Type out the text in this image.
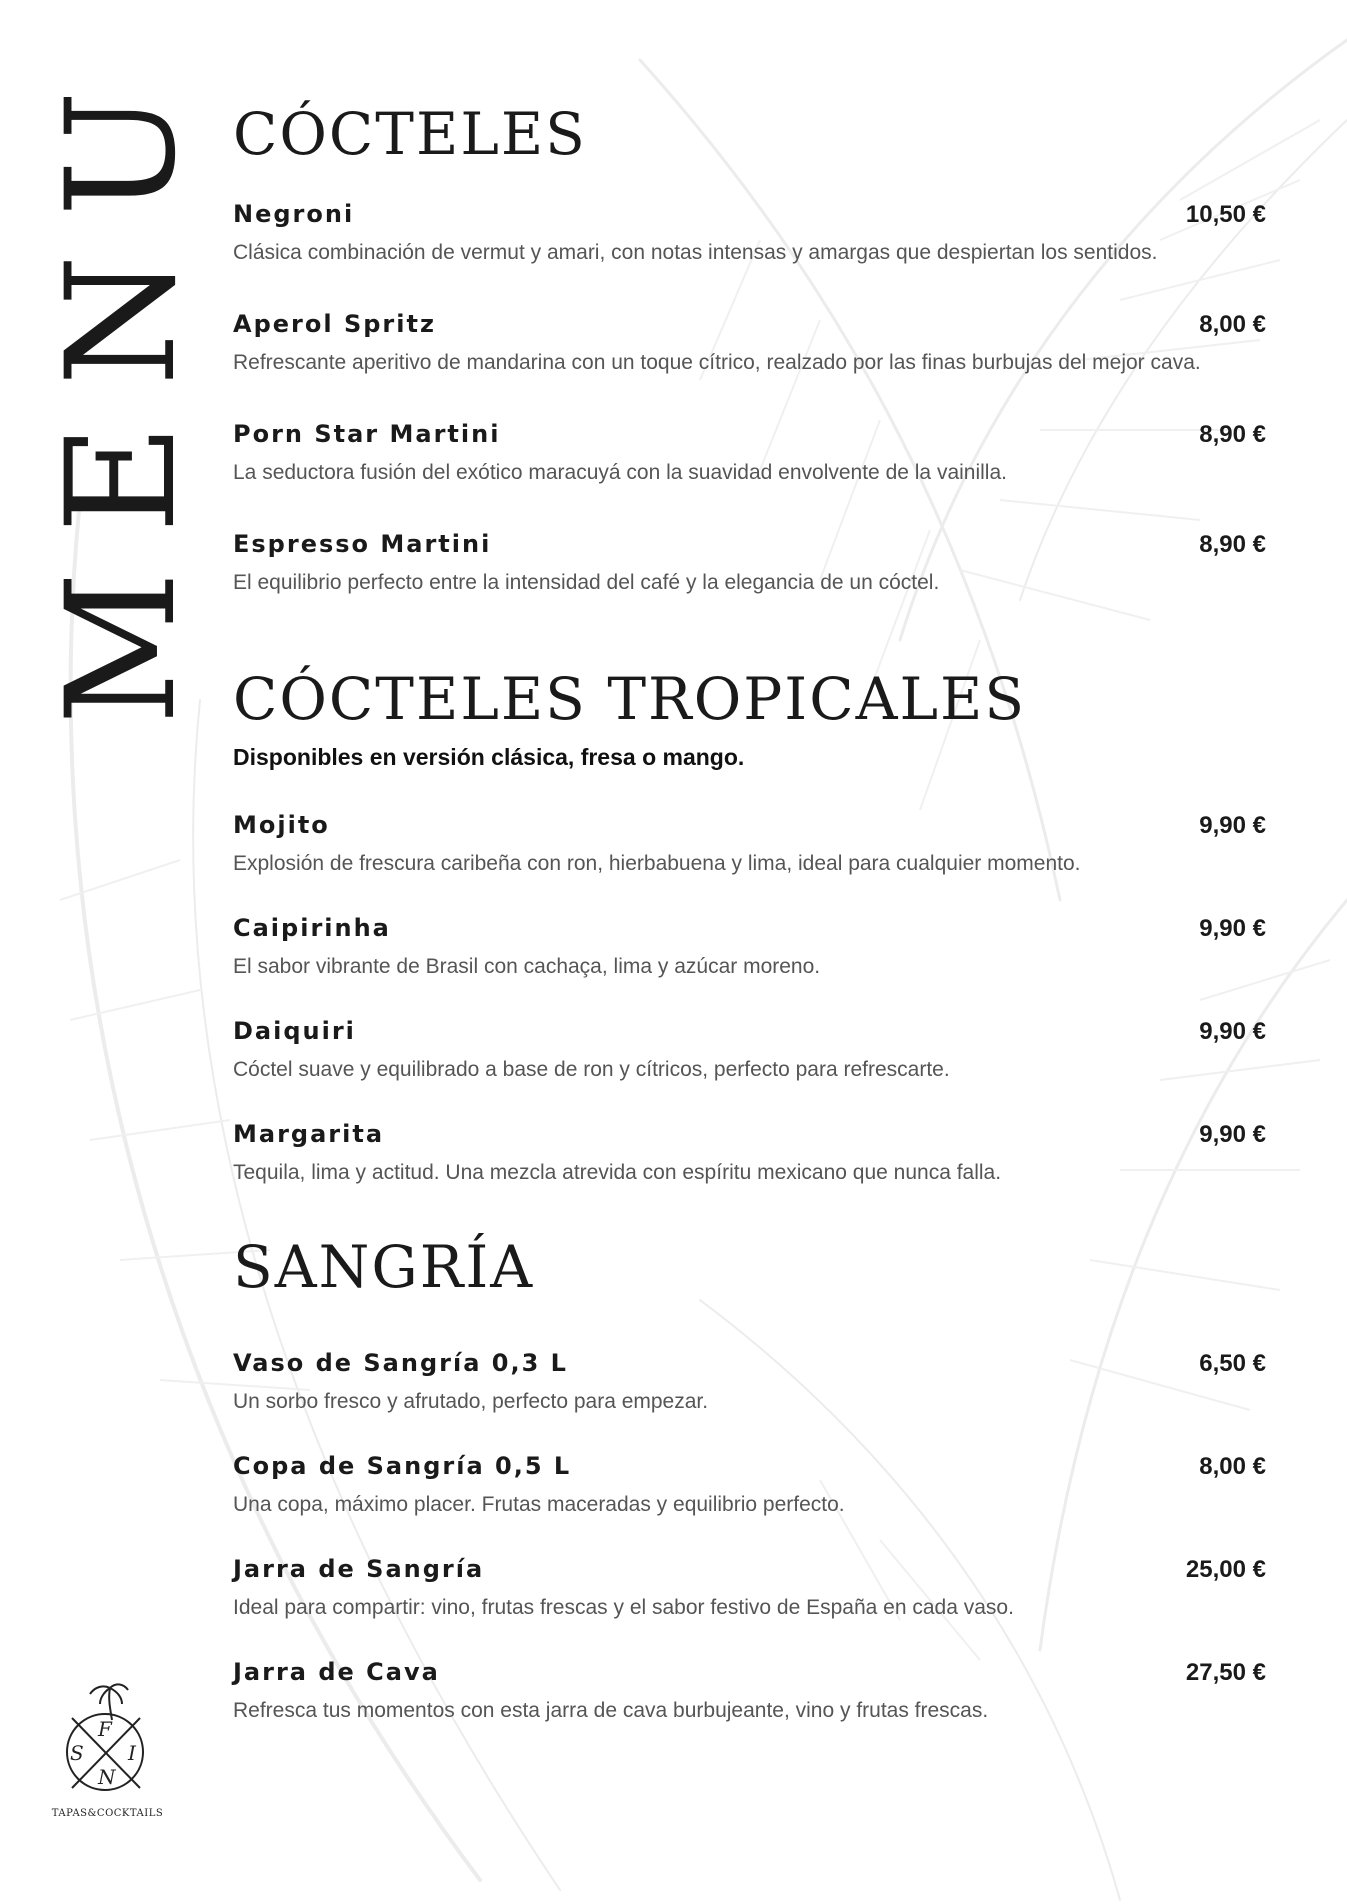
MENU CÓCTELES
Negroni	10,50 €
Clásica combinación de vermut y amari, con notas intensas y amargas que despiertan los sentidos.
Aperol Spritz	8,00 €
Refrescante aperitivo de mandarina con un toque cítrico, realzado por las finas burbujas del mejor cava.
Porn Star Martini	8,90 €
La seductora fusión del exótico maracuyá con la suavidad envolvente de la vainilla.
Espresso Martini	8,90 €
El equilibrio perfecto entre la intensidad del café y la elegancia de un cóctel.
CÓCTELES TROPICALES

Disponibles en versión clásica, fresa o mango.

Mojito	9,90 €
Explosión de frescura caribeña con ron, hierbabuena y lima, ideal para cualquier momento.
Caipirinha	9,90 €
El sabor vibrante de Brasil con cachaça, lima y azúcar moreno.
Daiquiri	9,90 €
Cóctel suave y equilibrado a base de ron y cítricos, perfecto para refrescarte.
Margarita	9,90 €
Tequila, lima y actitud. Una mezcla atrevida con espíritu mexicano que nunca falla.
SANGRÍA
Vaso de Sangría 0,3 L	6,50 €
Un sorbo fresco y afrutado, perfecto para empezar.
Copa de Sangría 0,5 L	8,00 €
Una copa, máximo placer. Frutas maceradas y equilibrio perfecto.
Jarra de Sangría	25,00 €
Ideal para compartir: vino, frutas frescas y el sabor festivo de España en cada vaso.
Jarra de Cava	27,50 €
Refresca tus momentos con esta jarra de cava burbujeante, vino y frutas frescas.
S
F
I
N
TAPAS&COCKTAILS
